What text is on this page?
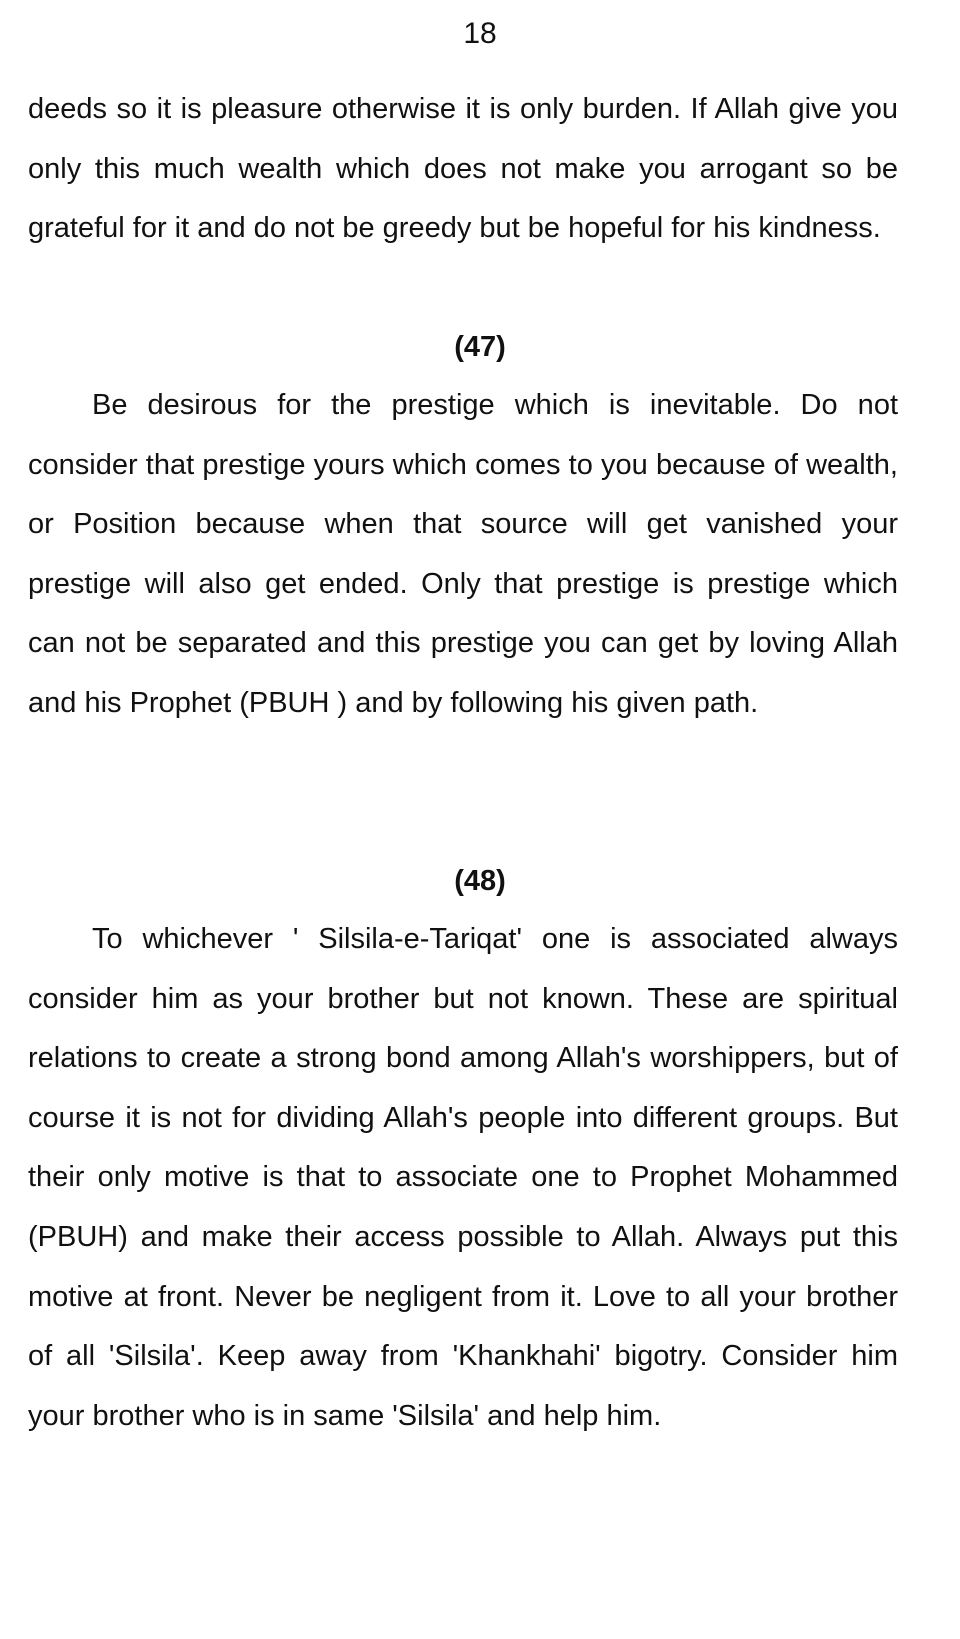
18

deeds so it is pleasure otherwise it is only burden. If Allah give you only this much wealth which does not make you arrogant so be grateful for it and do not be greedy but be hopeful for his kindness.

(47)

Be desirous for the prestige which is inevitable. Do not consider that prestige yours which comes to you because of wealth, or Position because when that source will get vanished your prestige will also get ended. Only that prestige is prestige which can not be separated and this prestige you can get by loving Allah and his Prophet (PBUH ) and by following his given path.

(48)

To whichever ' Silsila-e-Tariqat' one is associated always consider him as your brother but not known. These are spiritual relations to create a strong bond among Allah's worshippers, but of course it is not for dividing Allah's people into different groups. But their only motive is that to associate one to Prophet Mohammed (PBUH) and make their access possible to Allah. Always put this motive at front. Never be negligent from it. Love to all your brother of all 'Silsila'. Keep away from 'Khankhahi' bigotry. Consider him your brother who is in same 'Silsila' and help him.
